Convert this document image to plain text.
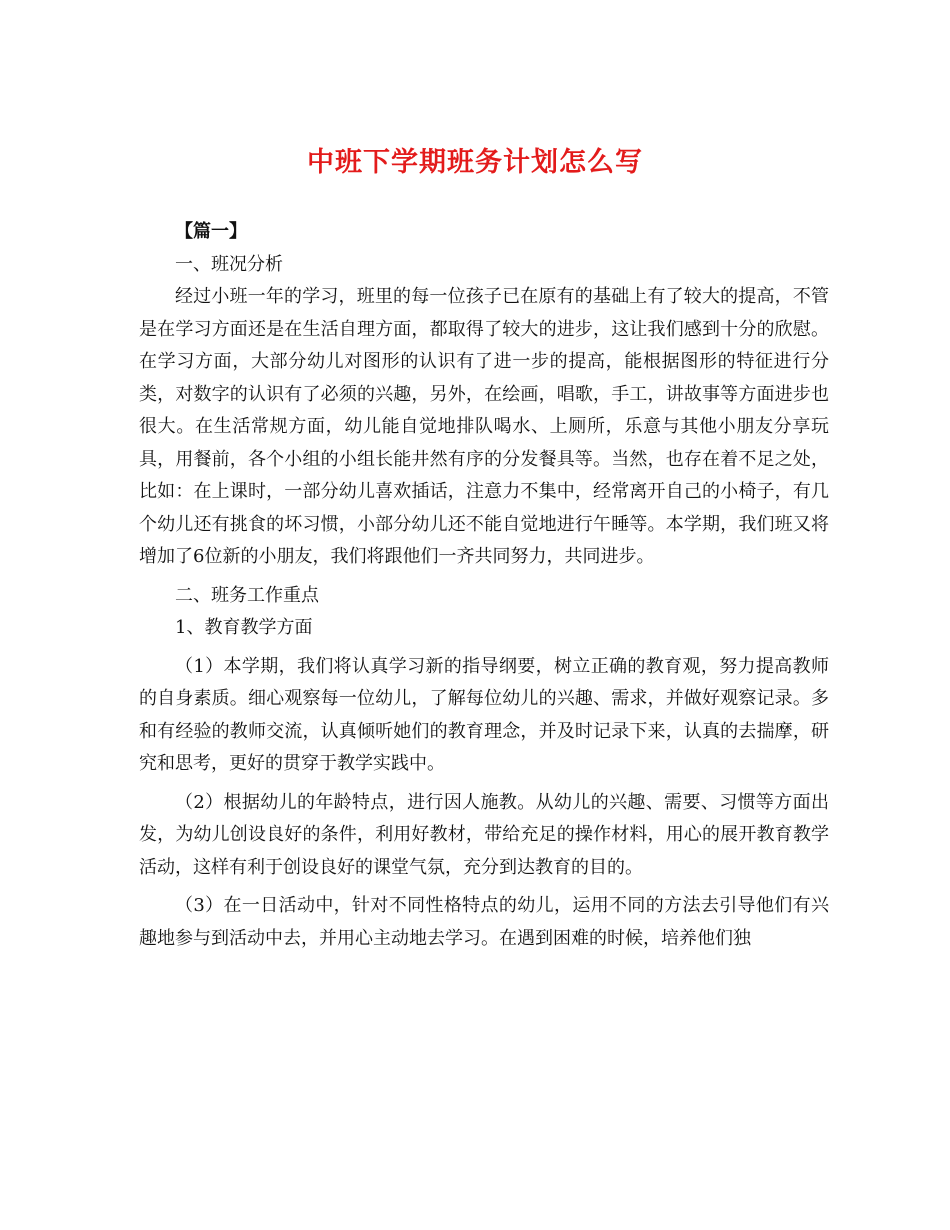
中班下学期班务计划怎么写

【篇一】

一、班况分析

经过小班一年的学习，班里的每一位孩子已在原有的基础上有了较大的提高，不管是在学习方面还是在生活自理方面，都取得了较大的进步，这让我们感到十分的欣慰。在学习方面，大部分幼儿对图形的认识有了进一步的提高，能根据图形的特征进行分类，对数字的认识有了必须的兴趣，另外，在绘画，唱歌，手工，讲故事等方面进步也很大。在生活常规方面，幼儿能自觉地排队喝水、上厕所，乐意与其他小朋友分享玩具，用餐前，各个小组的小组长能井然有序的分发餐具等。当然，也存在着不足之处，比如：在上课时，一部分幼儿喜欢插话，注意力不集中，经常离开自己的小椅子，有几个幼儿还有挑食的坏习惯，小部分幼儿还不能自觉地进行午睡等。本学期，我们班又将增加了6位新的小朋友，我们将跟他们一齐共同努力，共同进步。

二、班务工作重点

1、教育教学方面

（1）本学期，我们将认真学习新的指导纲要，树立正确的教育观，努力提高教师的自身素质。细心观察每一位幼儿，了解每位幼儿的兴趣、需求，并做好观察记录。多和有经验的教师交流，认真倾听她们的教育理念，并及时记录下来，认真的去揣摩，研究和思考，更好的贯穿于教学实践中。

（2）根据幼儿的年龄特点，进行因人施教。从幼儿的兴趣、需要、习惯等方面出发，为幼儿创设良好的条件，利用好教材，带给充足的操作材料，用心的展开教育教学活动，这样有利于创设良好的课堂气氛，充分到达教育的目的。

（3）在一日活动中，针对不同性格特点的幼儿，运用不同的方法去引导他们有兴趣地参与到活动中去，并用心主动地去学习。在遇到困难的时候，培养他们独
